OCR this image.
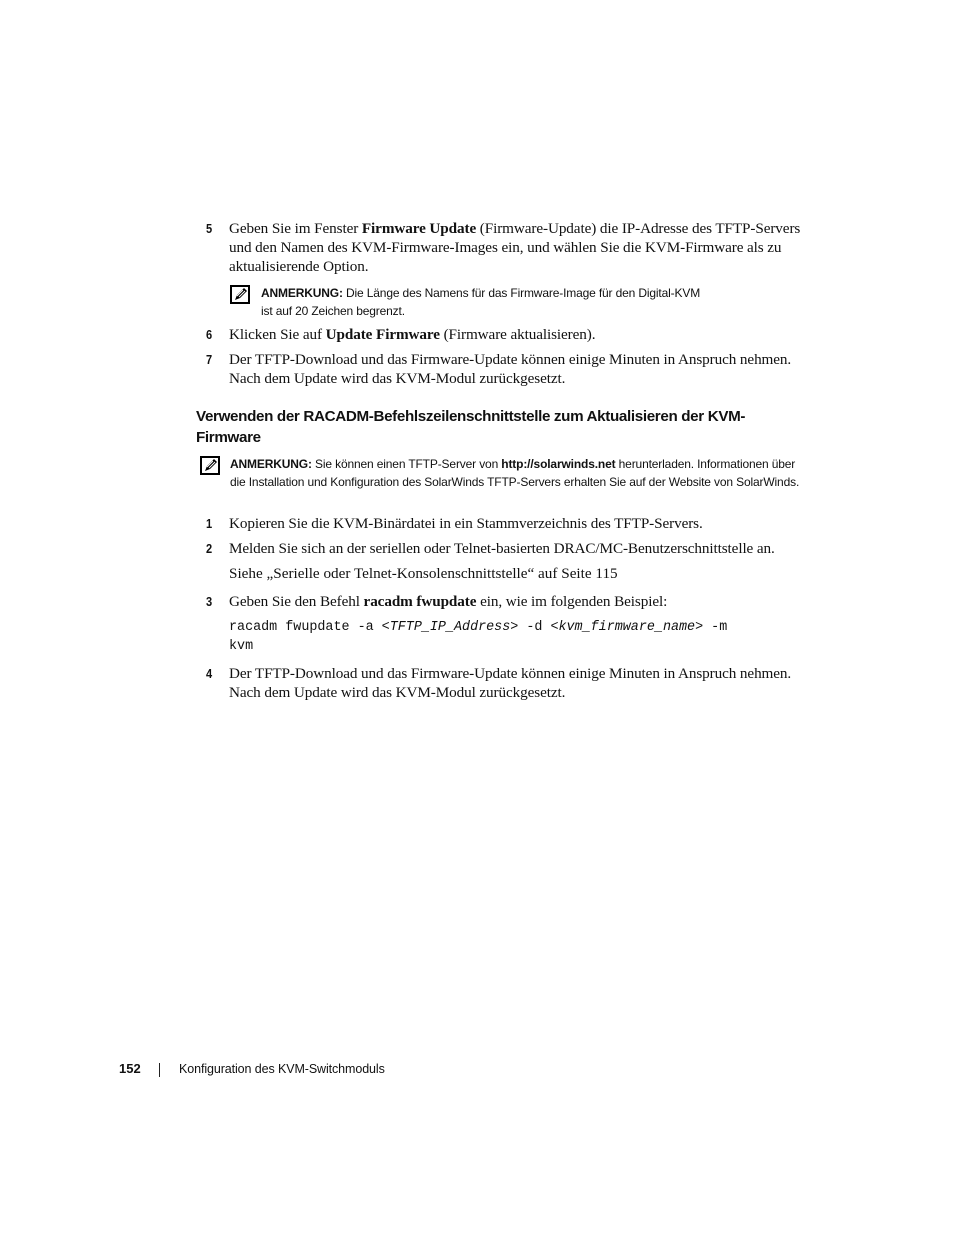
5 Geben Sie im Fenster Firmware Update (Firmware-Update) die IP-Adresse des TFTP-Servers und den Namen des KVM-Firmware-Images ein, und wählen Sie die KVM-Firmware als zu aktualisierende Option.
ANMERKUNG: Die Länge des Namens für das Firmware-Image für den Digital-KVM
ist auf 20 Zeichen begrenzt.
6 Klicken Sie auf Update Firmware (Firmware aktualisieren).
7 Der TFTP-Download und das Firmware-Update können einige Minuten in Anspruch nehmen. Nach dem Update wird das KVM-Modul zurückgesetzt.
Verwenden der RACADM-Befehlszeilenschnittstelle zum Aktualisieren der KVM-Firmware
ANMERKUNG: Sie können einen TFTP-Server von http://solarwinds.net herunterladen. Informationen über die Installation und Konfiguration des SolarWinds TFTP-Servers erhalten Sie auf der Website von SolarWinds.
1 Kopieren Sie die KVM-Binärdatei in ein Stammverzeichnis des TFTP-Servers.
2 Melden Sie sich an der seriellen oder Telnet-basierten DRAC/MC-Benutzerschnittstelle an.
Siehe „Serielle oder Telnet-Konsolenschnittstelle“ auf Seite 115
3 Geben Sie den Befehl racadm fwupdate ein, wie im folgenden Beispiel:
racadm fwupdate -a <TFTP_IP_Address> -d <kvm_firmware_name> -m
kvm
4 Der TFTP-Download und das Firmware-Update können einige Minuten in Anspruch nehmen. Nach dem Update wird das KVM-Modul zurückgesetzt.
152	Konfiguration des KVM-Switchmoduls
